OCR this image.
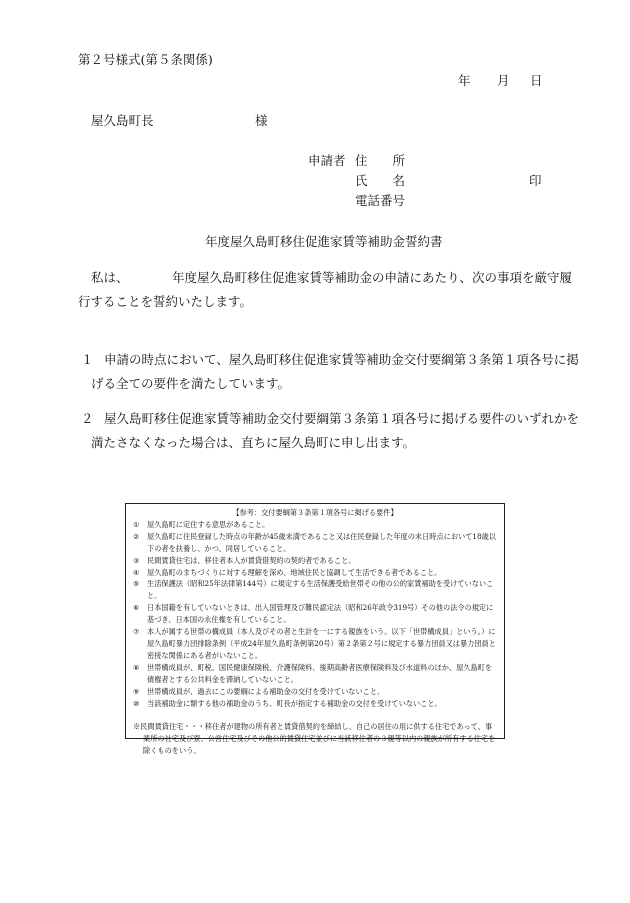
第２号様式(第５条関係)
年 月 日
屋久島町長	様
申請者 住　　所
氏　　名	印
電話番号
年度屋久島町移住促進家賃等補助金誓約書
私は、	年度屋久島町移住促進家賃等補助金の申請にあたり、次の事項を厳守履
行することを誓約いたします。
１ 申請の時点において、屋久島町移住促進家賃等補助金交付要綱第３条第１項各号に掲
げる全ての要件を満たしています。
２ 屋久島町移住促進家賃等補助金交付要綱第３条第１項各号に掲げる要件のいずれかを
満たさなくなった場合は、直ちに屋久島町に申し出ます。
【参考：交付要綱第３条第１項各号に掲げる要件】
①	屋久島町に定住する意思があること。
②	屋久島町に住民登録した時点の年齢が45歳未満であること又は住民登録した年度の末日時点において18歳以下の者を扶養し、かつ、同居していること。
③	民間賃貸住宅は、移住者本人が賃貸借契約の契約者であること。
④	屋久島町のまちづくりに対する理解を深め、地域住民と協調して生活できる者であること。
⑤	生活保護法（昭和25年法律第144号）に規定する生活保護受給世帯その他の公的家賃補助を受けていないこと。
⑥	日本国籍を有していないときは、出入国管理及び難民認定法（昭和26年政令319号）その他の法令の規定に基づき、日本国の永住権を有していること。
⑦	本人が属する世帯の構成員（本人及びその者と生計を一にする親族をいう。以下「世帯構成員」という。）に屋久島町暴力団排除条例（平成24年屋久島町条例第20号）第２条第２号に規定する暴力団員又は暴力団員と密接な関係にある者がいないこと。
⑧	世帯構成員が、町税、国民健康保険税、介護保険料、後期高齢者医療保険料及び水道料のほか、屋久島町を債権者とする公共料金を滞納していないこと。
⑨	世帯構成員が、過去にこの要綱による補助金の交付を受けていないこと。
⑩	当該補助金に類する他の補助金のうち、町長が指定する補助金の交付を受けていないこと。
※民間賃貸住宅・・・移住者が建物の所有者と賃貸借契約を締結し、自己の居住の用に供する住宅であって、事業所の社宅及び寮、公営住宅及びその他公的賃貸住宅並びに当該移住者の３親等以内の親族が所有する住宅を除くものをいう。
